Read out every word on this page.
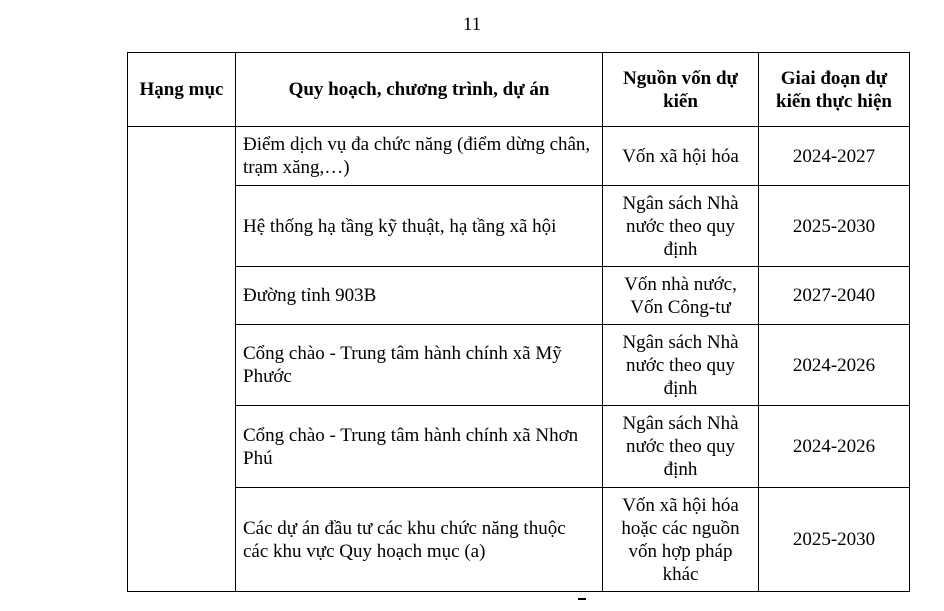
11
Hạng mục	Quy hoạch, chương trình, dự án	Nguồn vốn dự kiến	Giai đoạn dự kiến thực hiện
	Điểm dịch vụ đa chức năng (điểm dừng chân, trạm xăng,…)	Vốn xã hội hóa	2024-2027
	Hệ thống hạ tầng kỹ thuật, hạ tầng xã hội	Ngân sách Nhà nước theo quy định	2025-2030
	Đường tỉnh 903B	Vốn nhà nước, Vốn Công-tư	2027-2040
	Cổng chào - Trung tâm hành chính xã Mỹ Phước	Ngân sách Nhà nước theo quy định	2024-2026
	Cổng chào - Trung tâm hành chính xã Nhơn Phú	Ngân sách Nhà nước theo quy định	2024-2026
	Các dự án đầu tư các khu chức năng thuộc các khu vực Quy hoạch mục (a)	Vốn xã hội hóa hoặc các nguồn vốn hợp pháp khác	2025-2030
